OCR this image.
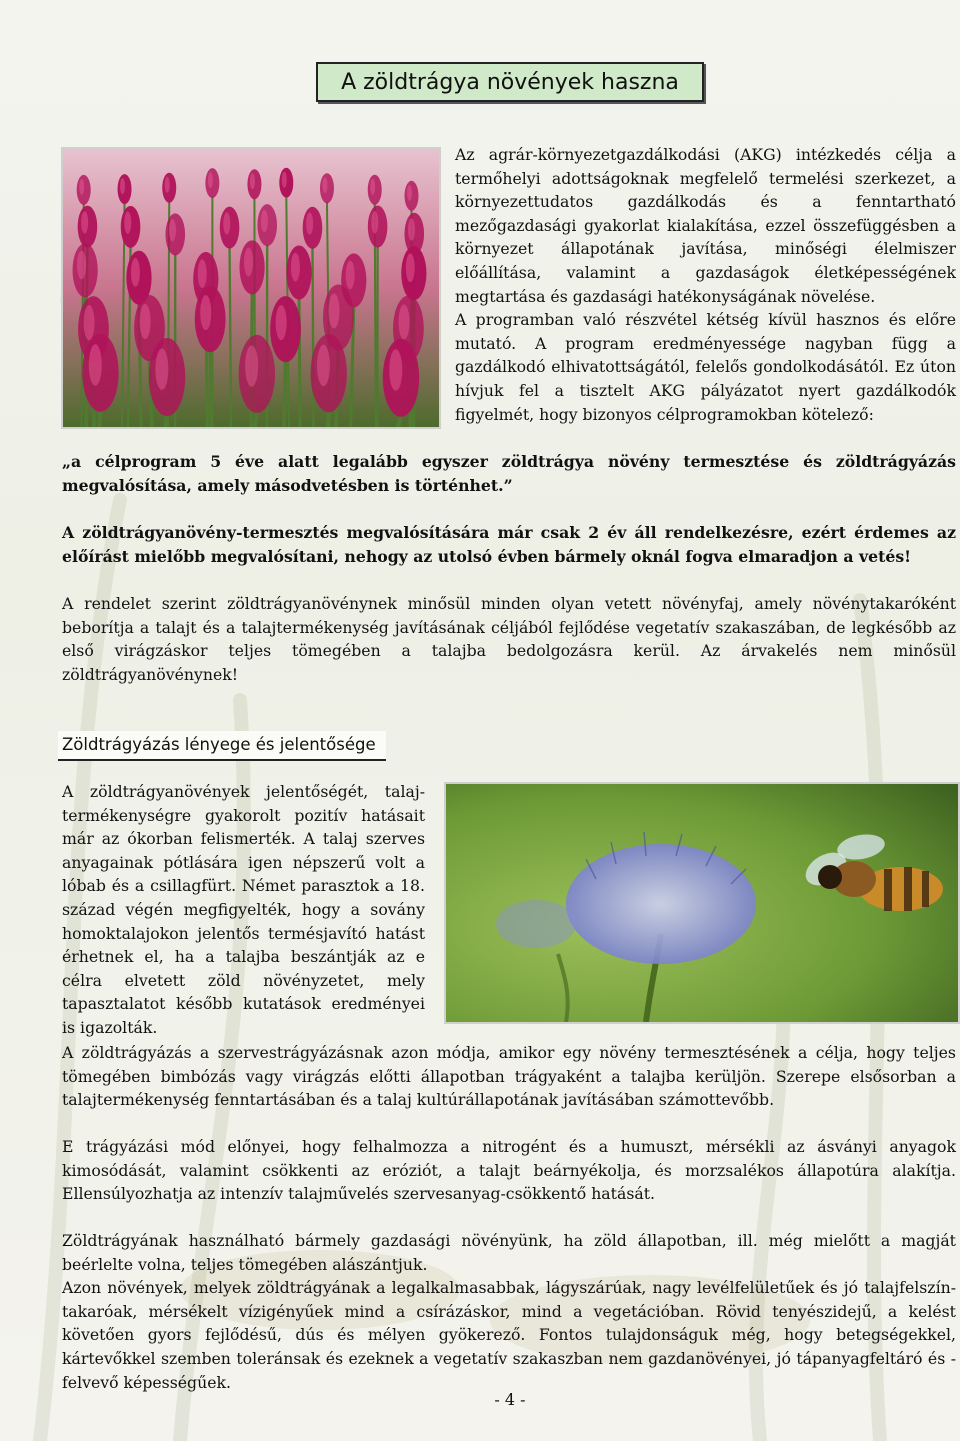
A zöldtrágya növények haszna

Az agrár-környezetgazdálkodási (AKG) intézkedés célja a termőhelyi adottságoknak megfelelő termelési szerkezet, a környezettudatos gazdálkodás és a fenntartható mezőgazdasági gyakorlat kialakítása, ezzel összefüggésben a környezet állapotának javítása, minőségi élelmiszer előállítása, valamint a gazdaságok életképességének megtartása és gazdasági hatékonyságának növelése.

A programban való részvétel kétség kívül hasznos és előre mutató. A program eredményessége nagyban függ a gazdálkodó elhivatottságától, felelős gondolkodásától. Ez úton hívjuk fel a tisztelt AKG pályázatot nyert gazdálkodók figyelmét, hogy bizonyos célprogramokban kötelező:

„a célprogram 5 éve alatt legalább egyszer zöldtrágya növény termesztése és zöldtrágyázás megvalósítása, amely másodvetésben is történhet.”

A zöldtrágyanövény-termesztés megvalósítására már csak 2 év áll rendelkezésre, ezért érdemes az előírást mielőbb megvalósítani, nehogy az utolsó évben bármely oknál fogva elmaradjon a vetés!

A rendelet szerint zöldtrágyanövénynek minősül minden olyan vetett növényfaj, amely növénytakaróként beborítja a talajt és a talajtermékenység javításának céljából fejlődése vegetatív szakaszában, de legkésőbb az első virágzáskor teljes tömegében a talajba bedolgozásra kerül. Az árvakelés nem minősül zöldtrágyanövénynek!

Zöldtrágyázás lényege és jelentősége

A zöldtrágyanövények jelentőségét, talaj-termékenységre gyakorolt pozitív hatásait már az ókorban felismerték. A talaj szerves anyagainak pótlására igen népszerű volt a lóbab és a csillagfürt. Német parasztok a 18. század végén megfigyelték, hogy a sovány homoktalajokon jelentős termésjavító hatást érhetnek el, ha a talajba beszántják az e célra elvetett zöld növényzetet, mely tapasztalatot később kutatások eredményei is igazolták.

A zöldtrágyázás a szervestrágyázásnak azon módja, amikor egy növény termesztésének a célja, hogy teljes tömegében bimbózás vagy virágzás előtti állapotban trágyaként a talajba kerüljön. Szerepe elsősorban a talajtermékenység fenntartásában és a talaj kultúrállapotának javításában számottevőbb.

E trágyázási mód előnyei, hogy felhalmozza a nitrogént és a humuszt, mérsékli az ásványi anyagok kimosódását, valamint csökkenti az eróziót, a talajt beárnyékolja, és morzsalékos állapotúra alakítja. Ellensúlyozhatja az intenzív talajművelés szervesanyag-csökkentő hatását.

Zöldtrágyának használható bármely gazdasági növényünk, ha zöld állapotban, ill. még mielőtt a magját beérlelte volna, teljes tömegében alászántjuk.

Azon növények, melyek zöldtrágyának a legalkalmasabbak, lágyszárúak, nagy levélfelületűek és jó talajfelszín-takaróak, mérsékelt vízigényűek mind a csírázáskor, mind a vegetációban. Rövid tenyészidejű, a kelést követően gyors fejlődésű, dús és mélyen gyökerező. Fontos tulajdonságuk még, hogy betegségekkel, kártevőkkel szemben toleránsak és ezeknek a vegetatív szakaszban nem gazdanövényei, jó tápanyagfeltáró és -felvevő képességűek.

- 4 -
